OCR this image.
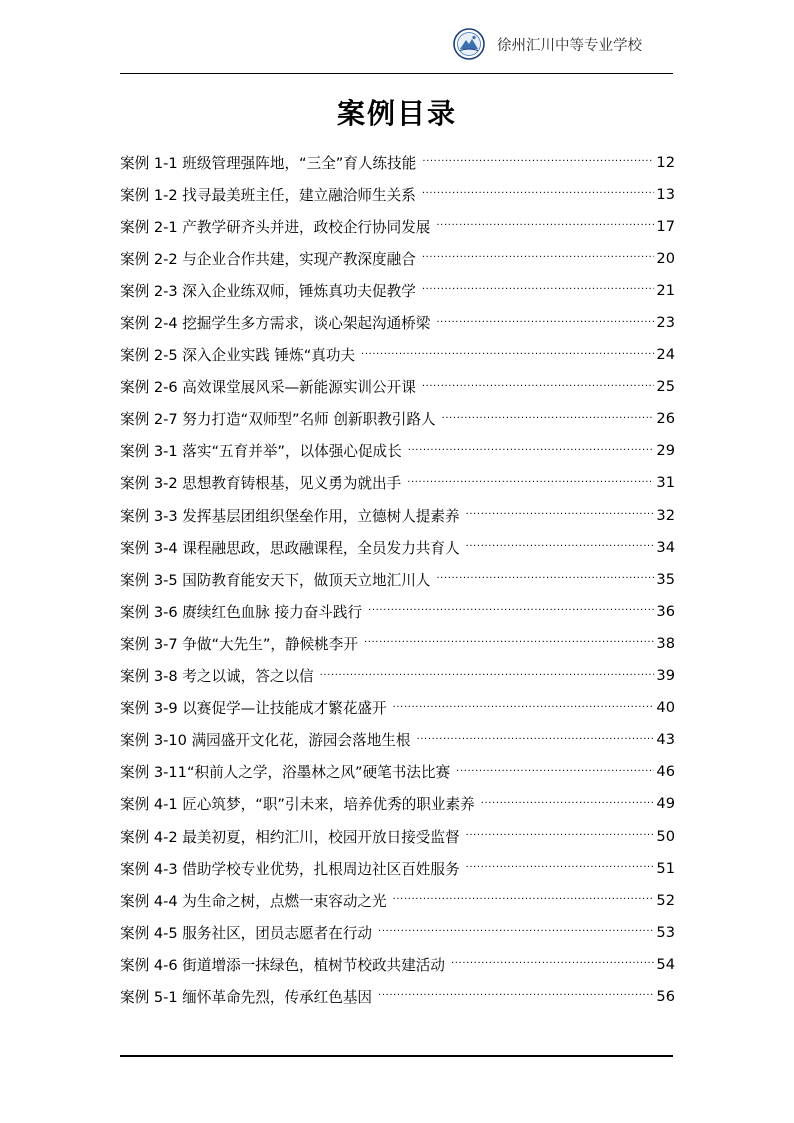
徐州汇川中等专业学校
案例目录
案例 1-1 班级管理强阵地，“三全”育人练技能 ·····	12
案例 1-2 找寻最美班主任，建立融洽师生关系 ·····	13
案例 2-1 产教学研齐头并进，政校企行协同发展 ·····	17
案例 2-2 与企业合作共建，实现产教深度融合 ·····	20
案例 2-3 深入企业练双师，锤炼真功夫促教学 ·····	21
案例 2-4 挖掘学生多方需求，谈心架起沟通桥梁 ·····	23
案例 2-5 深入企业实践 锤炼“真功夫 ·····	24
案例 2-6 高效课堂展风采—新能源实训公开课 ·····	25
案例 2-7 努力打造“双师型”名师 创新职教引路人 ·····	26
案例 3-1 落实“五育并举”，以体强心促成长 ·····	29
案例 3-2 思想教育铸根基，见义勇为就出手 ·····	31
案例 3-3 发挥基层团组织堡垒作用，立德树人提素养 ·····	32
案例 3-4 课程融思政，思政融课程，全员发力共育人 ·····	34
案例 3-5 国防教育能安天下，做顶天立地汇川人 ·····	35
案例 3-6 赓续红色血脉 接力奋斗践行 ·····	36
案例 3-7 争做“大先生”，静候桃李开 ·····	38
案例 3-8 考之以诚，答之以信 ·····	39
案例 3-9 以赛促学—让技能成才繁花盛开 ·····	40
案例 3-10 满园盛开文化花，游园会落地生根 ·····	43
案例 3-11“积前人之学，浴墨林之风”硬笔书法比赛 ·····	46
案例 4-1 匠心筑梦，“职”引未来，培养优秀的职业素养 ·····	49
案例 4-2 最美初夏，相约汇川，校园开放日接受监督 ·····	50
案例 4-3 借助学校专业优势，扎根周边社区百姓服务 ·····	51
案例 4-4 为生命之树，点燃一束容动之光 ·····	52
案例 4-5 服务社区，团员志愿者在行动 ·····	53
案例 4-6 街道增添一抹绿色，植树节校政共建活动 ·····	54
案例 5-1 缅怀革命先烈，传承红色基因 ·····	56
